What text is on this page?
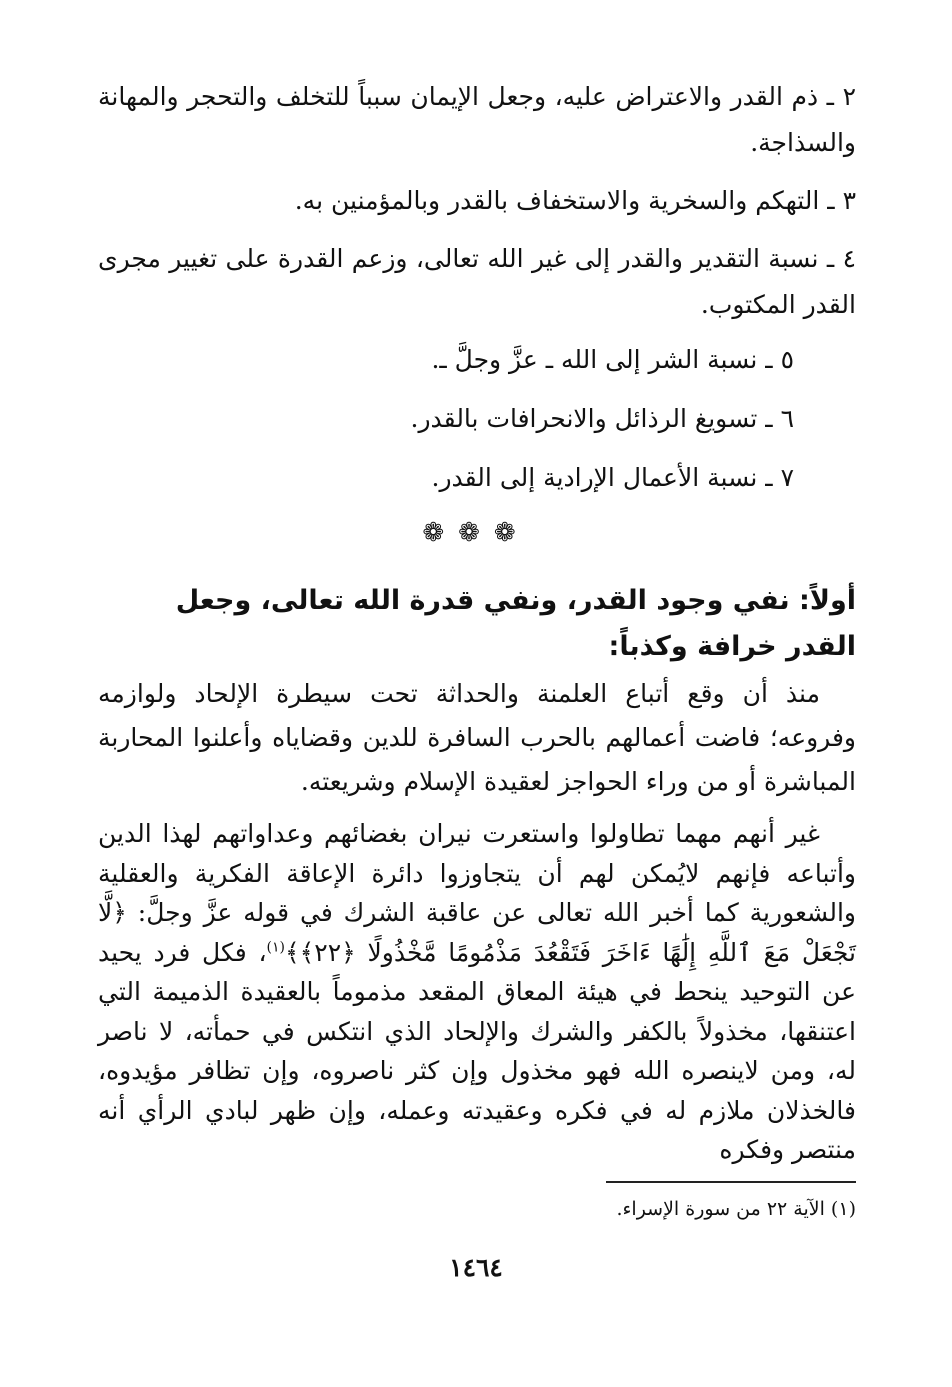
٢ ـ ذم القدر والاعتراض عليه، وجعل الإيمان سبباً للتخلف والتحجر والمهانة والسذاجة.

٣ ـ التهكم والسخرية والاستخفاف بالقدر وبالمؤمنين به.

٤ ـ نسبة التقدير والقدر إلى غير الله تعالى، وزعم القدرة على تغيير مجرى القدر المكتوب.

٥ ـ نسبة الشر إلى الله ـ عزَّ وجلَّ ـ.

٦ ـ تسويغ الرذائل والانحرافات بالقدر.

٧ ـ نسبة الأعمال الإرادية إلى القدر.

❁❁❁
أولاً: نفي وجود القدر، ونفي قدرة الله تعالى، وجعل القدر خرافة وكذباً:

منذ أن وقع أتباع العلمنة والحداثة تحت سيطرة الإلحاد ولوازمه وفروعه؛ فاضت أعمالهم بالحرب السافرة للدين وقضاياه وأعلنوا المحاربة المباشرة أو من وراء الحواجز لعقيدة الإسلام وشريعته.

غير أنهم مهما تطاولوا واستعرت نيران بغضائهم وعداواتهم لهذا الدين وأتباعه فإنهم لايُمكن لهم أن يتجاوزوا دائرة الإعاقة الفكرية والعقلية والشعورية كما أخبر الله تعالى عن عاقبة الشرك في قوله عزَّ وجلَّ: ﴿لَّا تَجْعَلْ مَعَ ٱللَّهِ إِلَٰهًا ءَاخَرَ فَتَقْعُدَ مَذْمُومًا مَّخْذُولًا ﴿٢٢﴾﴾$^{(١)}$، فكل فرد يحيد عن التوحيد ينحط في هيئة المعاق المقعد مذموماً بالعقيدة الذميمة التي اعتنقها، مخذولاً بالكفر والشرك والإلحاد الذي انتكس في حمأته، لا ناصر له، ومن لاينصره الله فهو مخذول وإن كثر ناصروه، وإن تظافر مؤيدوه، فالخذلان ملازم له في فكره وعقيدته وعمله، وإن ظهر لبادي الرأي أنه منتصر وفكره

(١) الآية ٢٢ من سورة الإسراء.

١٤٦٤
